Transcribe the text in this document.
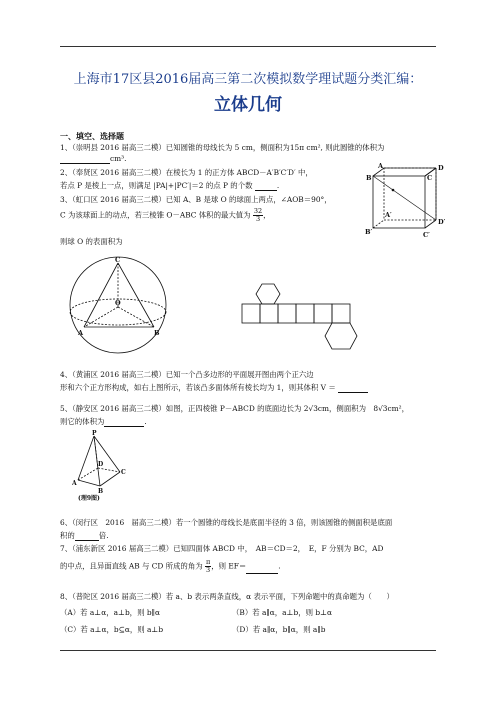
上海市17区县2016届高三第二次模拟数学理试题分类汇编：
立体几何
一、填空、选择题
1、（崇明县 2016 届高三二模）已知圆锥的母线长为 5 cm，侧面积为15π cm², 则此圆锥的体积为
cm³.
2、（奉贤区 2016 届高三二模）在棱长为 1 的正方体 ABCD－A′B′C′D′ 中，
若点 P 是棱上一点，则满足 |PA|+|PC′|＝2 的点 P 的个数	.
3、（虹口区 2016 届高三二模）已知 A、B 是球 O 的球面上两点，∠AOB＝90°，
C 为该球面上的动点，若三棱锥 O－ABC 体积的最大值为 $\frac{32}{3}$ ，
则球 O 的表面积为
A
B	C
D
A′
B′	C′
D′
C
O
A	B
4、（黄浦区 2016 届高三二模）已知一个凸多边形的平面展开图由两个正六边
形和六个正方形构成，如右上图所示，若该凸多面体所有棱长均为 1，则其体积 V ＝
5、（静安区 2016 届高三二模）如图，正四棱锥 P－ABCD 的底面边长为 2√3cm，侧面积为　8√3cm²，
则它的体积为	.
P
A
B
C
D
(理9图)
6、（闵行区　2016　届高三二模）若一个圆锥的母线长是底面半径的 3 倍，则该圆锥的侧面积是底面
积的	倍.
7、（浦东新区 2016 届高三二模）已知四面体 ABCD 中，　AB＝CD＝2，　E，F 分别为 BC，AD
的中点，且异面直线 AB 与 CD 所成的角为 $\frac{\pi}{3}$ ，则 EF＝	.
8、（普陀区 2016 届高三二模）若 a、b 表示两条直线，α 表示平面，下列命题中的真命题为（　　）
（A）若 a⊥α，a⊥b，则 b∥α	（B）若 a∥α，a⊥b，则 b⊥α
（C）若 a⊥α，b⊆α，则 a⊥b	（D）若 a∥α，b∥α，则 a∥b
